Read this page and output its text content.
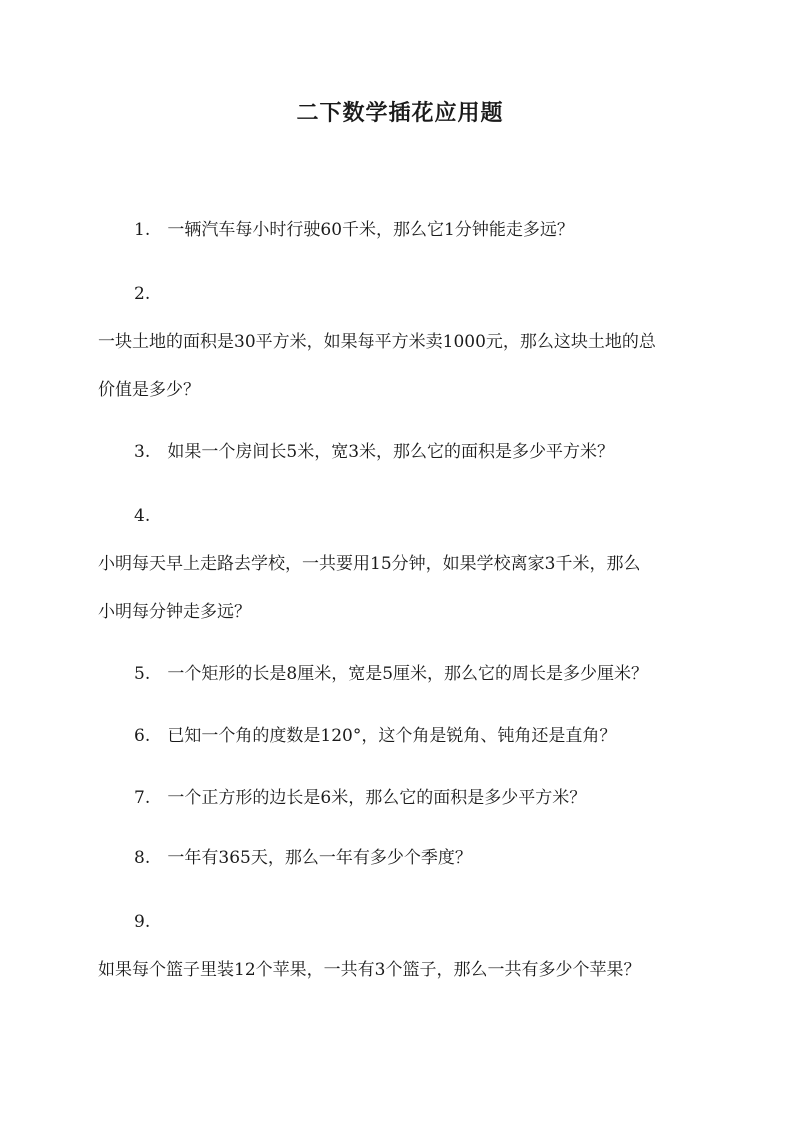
二下数学插花应用题

1. 一辆汽车每小时行驶60千米，那么它1分钟能走多远？

2.

一块土地的面积是30平方米，如果每平方米卖1000元，那么这块土地的总

价值是多少？

3. 如果一个房间长5米，宽3米，那么它的面积是多少平方米？

4.

小明每天早上走路去学校，一共要用15分钟，如果学校离家3千米，那么

小明每分钟走多远？

5. 一个矩形的长是8厘米，宽是5厘米，那么它的周长是多少厘米？

6. 已知一个角的度数是120°，这个角是锐角、钝角还是直角？

7. 一个正方形的边长是6米，那么它的面积是多少平方米？

8. 一年有365天，那么一年有多少个季度？

9.

如果每个篮子里装12个苹果，一共有3个篮子，那么一共有多少个苹果？
